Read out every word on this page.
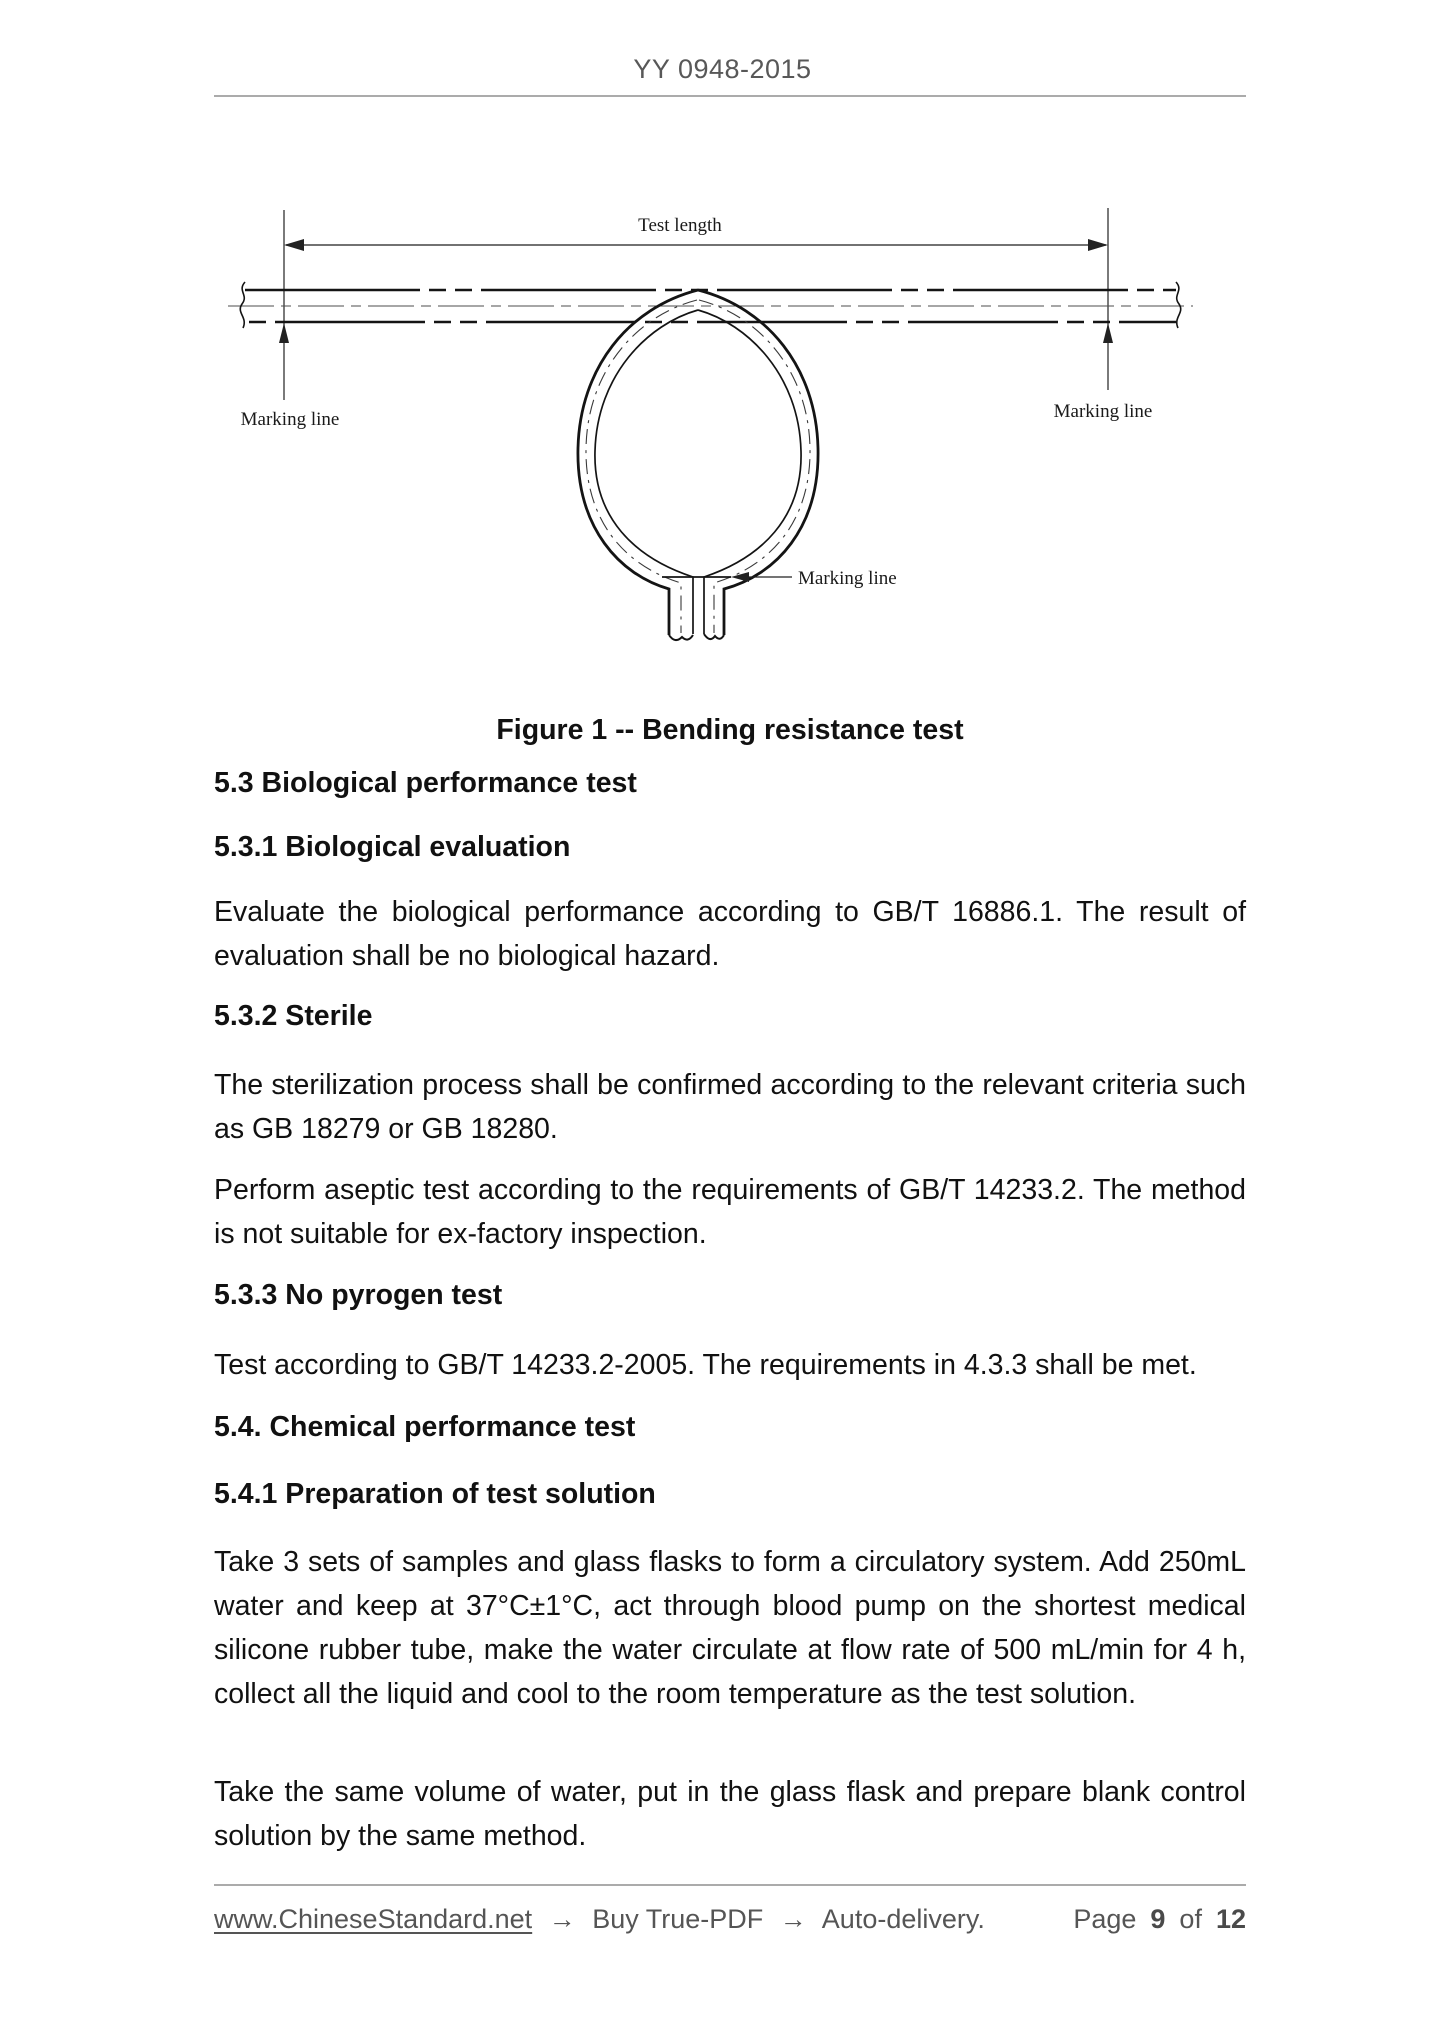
YY 0948-2015
Test length
Marking line	Marking line
Marking line
Figure 1 -- Bending resistance test
5.3 Biological performance test
5.3.1 Biological evaluation
Evaluate the biological performance according to GB/T 16886.1. The result of evaluation shall be no biological hazard.
5.3.2 Sterile
The sterilization process shall be confirmed according to the relevant criteria such as GB 18279 or GB 18280.
Perform aseptic test according to the requirements of GB/T 14233.2. The method is not suitable for ex-factory inspection.
5.3.3 No pyrogen test
Test according to GB/T 14233.2-2005. The requirements in 4.3.3 shall be met.
5.4. Chemical performance test
5.4.1 Preparation of test solution
Take 3 sets of samples and glass flasks to form a circulatory system. Add 250mL water and keep at 37°C±1°C, act through blood pump on the shortest medical silicone rubber tube, make the water circulate at flow rate of 500 mL/min for 4 h, collect all the liquid and cool to the room temperature as the test solution.
Take the same volume of water, put in the glass flask and prepare blank control solution by the same method.
www.ChineseStandard.net → Buy True-PDF → Auto-delivery.	Page 9 of 12
